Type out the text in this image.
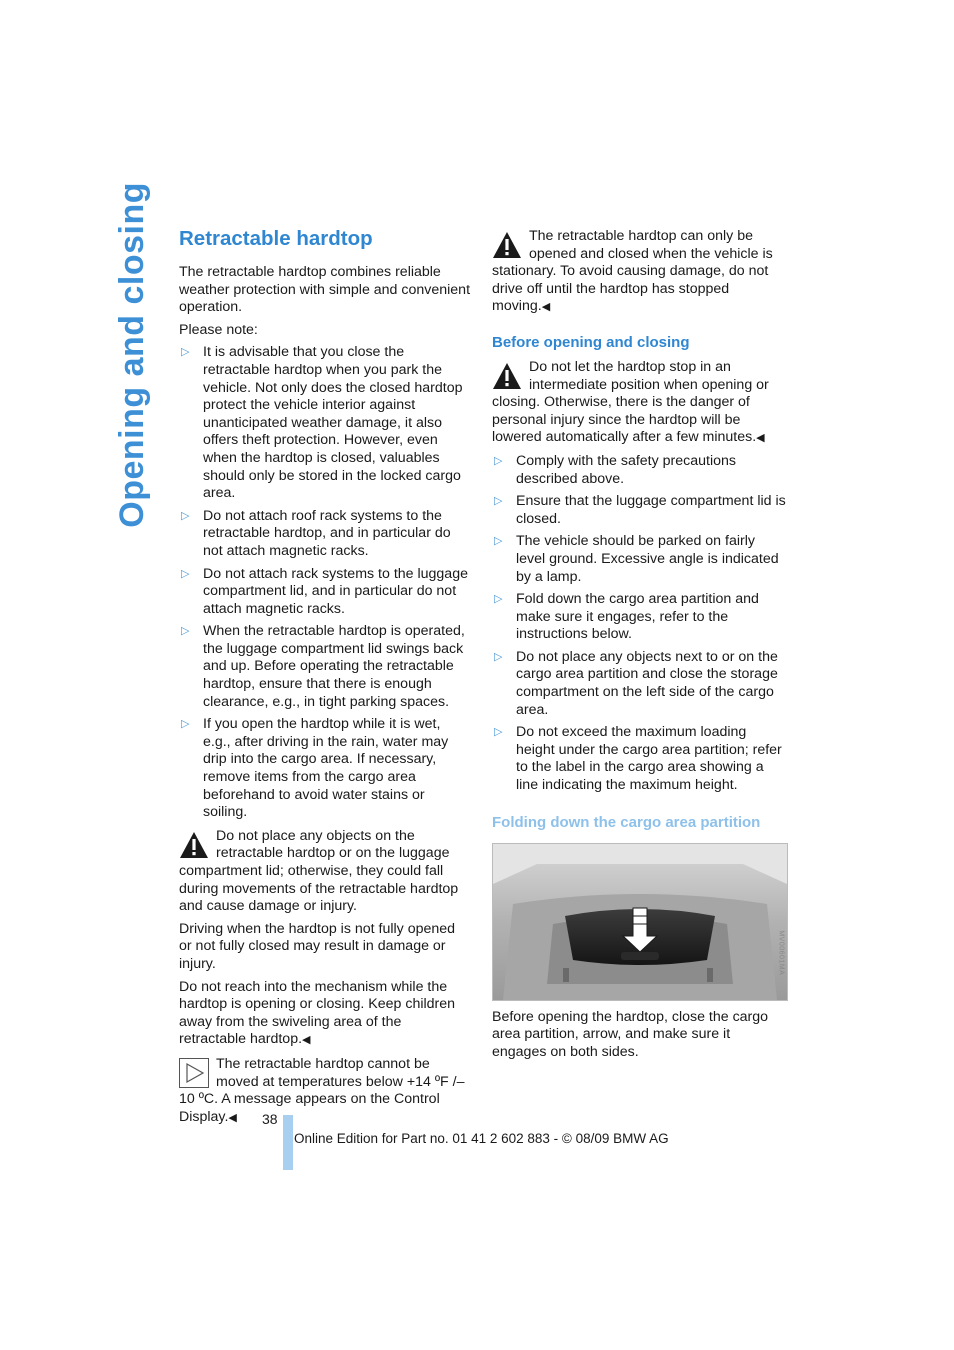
Opening and closing Retractable hardtop

The retractable hardtop combines reliable weather protection with simple and convenient operation.

Please note:

▷ It is advisable that you close the retractable hardtop when you park the vehicle. Not only does the closed hardtop protect the vehicle interior against unanticipated weather damage, it also offers theft protection. However, even when the hardtop is closed, valuables should only be stored in the locked cargo area.
▷ Do not attach roof rack systems to the retractable hardtop, and in particular do not attach magnetic racks.
▷ Do not attach rack systems to the luggage compartment lid, and in particular do not attach magnetic racks.
▷ When the retractable hardtop is operated, the luggage compartment lid swings back and up. Before operating the retractable hardtop, ensure that there is enough clearance, e.g., in tight parking spaces.
▷ If you open the hardtop while it is wet, e.g., after driving in the rain, water may drip into the cargo area. If necessary, remove items from the cargo area beforehand to avoid water stains or soiling.

Do not place any objects on the retractable hardtop or on the luggage compartment lid; otherwise, they could fall during movements of the retractable hardtop and cause damage or injury.

Driving when the hardtop is not fully opened or not fully closed may result in damage or injury.

Do not reach into the mechanism while the hardtop is opening or closing. Keep children away from the swiveling area of the retractable hardtop.◀

The retractable hardtop cannot be moved at temperatures below +14 ºF /–10 ºC. A message appears on the Control Display.◀

The retractable hardtop can only be opened and closed when the vehicle is stationary. To avoid causing damage, do not drive off until the hardtop has stopped moving.◀

Before opening and closing

Do not let the hardtop stop in an intermediate position when opening or closing. Otherwise, there is the danger of personal injury since the hardtop will be lowered automatically after a few minutes.◀

▷ Comply with the safety precautions described above.
▷ Ensure that the luggage compartment lid is closed.
▷ The vehicle should be parked on fairly level ground. Excessive angle is indicated by a lamp.
▷ Fold down the cargo area partition and make sure it engages, refer to the instructions below.
▷ Do not place any objects next to or on the cargo area partition and close the storage compartment on the left side of the cargo area.
▷ Do not exceed the maximum loading height under the cargo area partition; refer to the label in the cargo area showing a line indicating the maximum height.
Folding down the cargo area partition
MV00601MA

Before opening the hardtop, close the cargo area partition, arrow, and make sure it engages on both sides.

38
Online Edition for Part no. 01 41 2 602 883 - © 08/09 BMW AG
